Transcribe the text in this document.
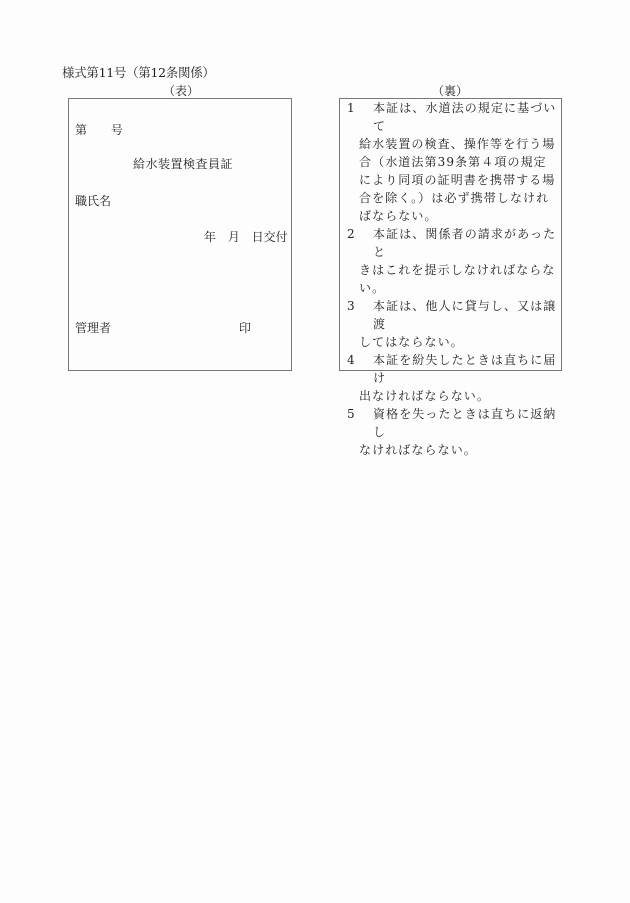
様式第11号（第12条関係）
（表）	（裏）
第 号
給水装置検査員証
職氏名
年 月 日交付
管理者	印
1	本証は、水道法の規定に基づいて
給水装置の検査、操作等を行う場合（水道法第39条第４項の規定により同項の証明書を携帯する場合を除く。）は必ず携帯しなければならない。
2	本証は、関係者の請求があったと
きはこれを提示しなければならない。
3	本証は、他人に貸与し、又は譲渡
してはならない。
4	本証を紛失したときは直ちに届け
出なければならない。
5	資格を失ったときは直ちに返納し
なければならない。
